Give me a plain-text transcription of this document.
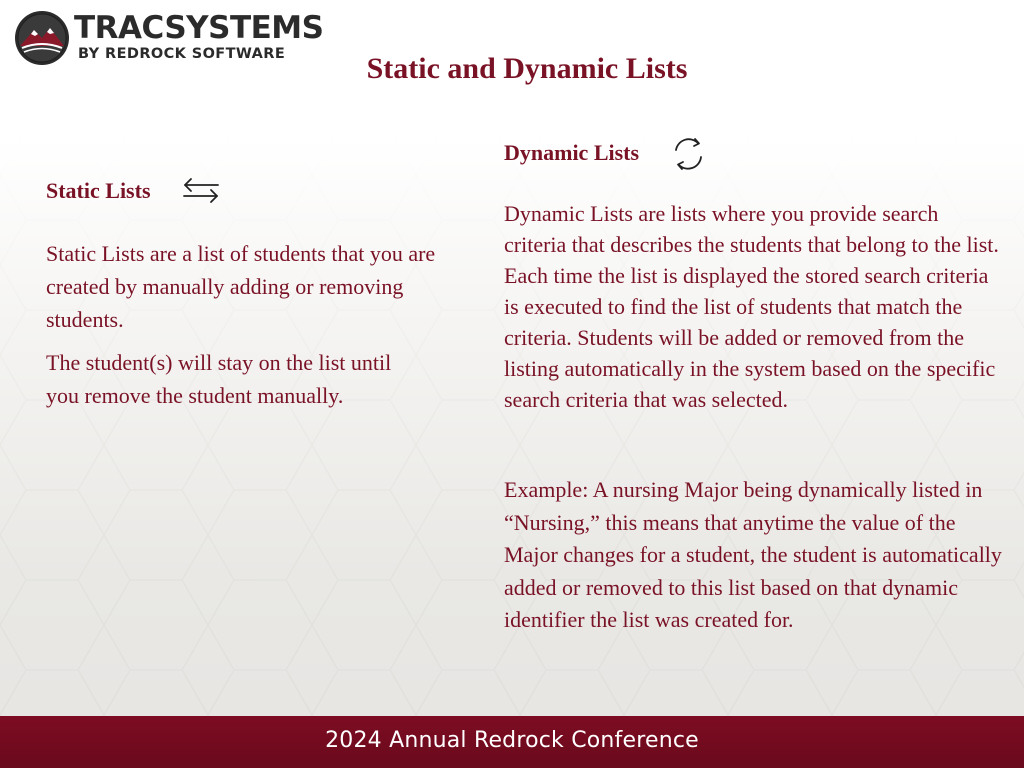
TRACSYSTEMS
BY REDROCK SOFTWARE	Static and Dynamic Lists
Static Lists
Static Lists are a list of students that you are created by manually adding or removing students.
The student(s) will stay on the list until you remove the student manually.
Dynamic Lists
Dynamic Lists are lists where you provide search criteria that describes the students that belong to the list. Each time the list is displayed the stored search criteria is executed to find the list of students that match the criteria. Students will be added or removed from the listing automatically in the system based on the specific search criteria that was selected.
Example: A nursing Major being dynamically listed in “Nursing,” this means that anytime the value of the Major changes for a student, the student is automatically added or removed to this list based on that dynamic identifier the list was created for.
2024 Annual Redrock Conference
